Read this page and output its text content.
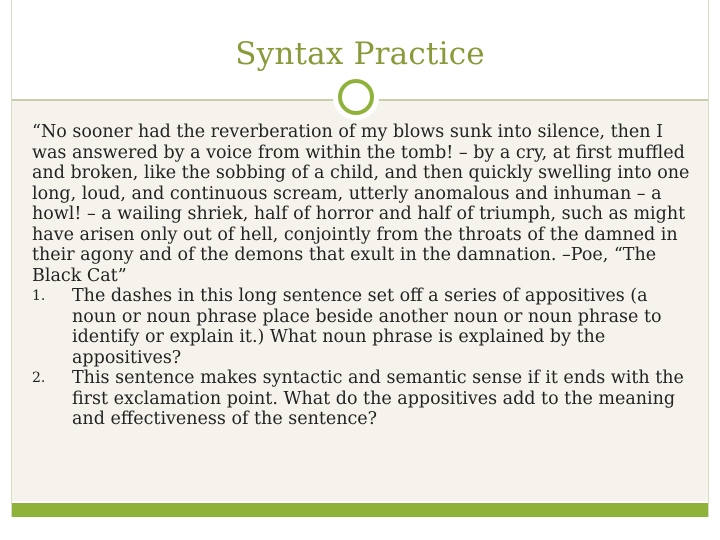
Syntax Practice

“No sooner had the reverberation of my blows sunk into silence, then I was answered by a voice from within the tomb! – by a cry, at first muffled and broken, like the sobbing of a child, and then quickly swelling into one long, loud, and continuous scream, utterly anomalous and inhuman – a howl! – a wailing shriek, half of horror and half of triumph, such as might have arisen only out of hell, conjointly from the throats of the damned in their agony and of the demons that exult in the damnation. –Poe, “The Black Cat”

1. The dashes in this long sentence set off a series of appositives (a noun or noun phrase place beside another noun or noun phrase to identify or explain it.) What noun phrase is explained by the appositives?
2. This sentence makes syntactic and semantic sense if it ends with the first exclamation point. What do the appositives add to the meaning and effectiveness of the sentence?
